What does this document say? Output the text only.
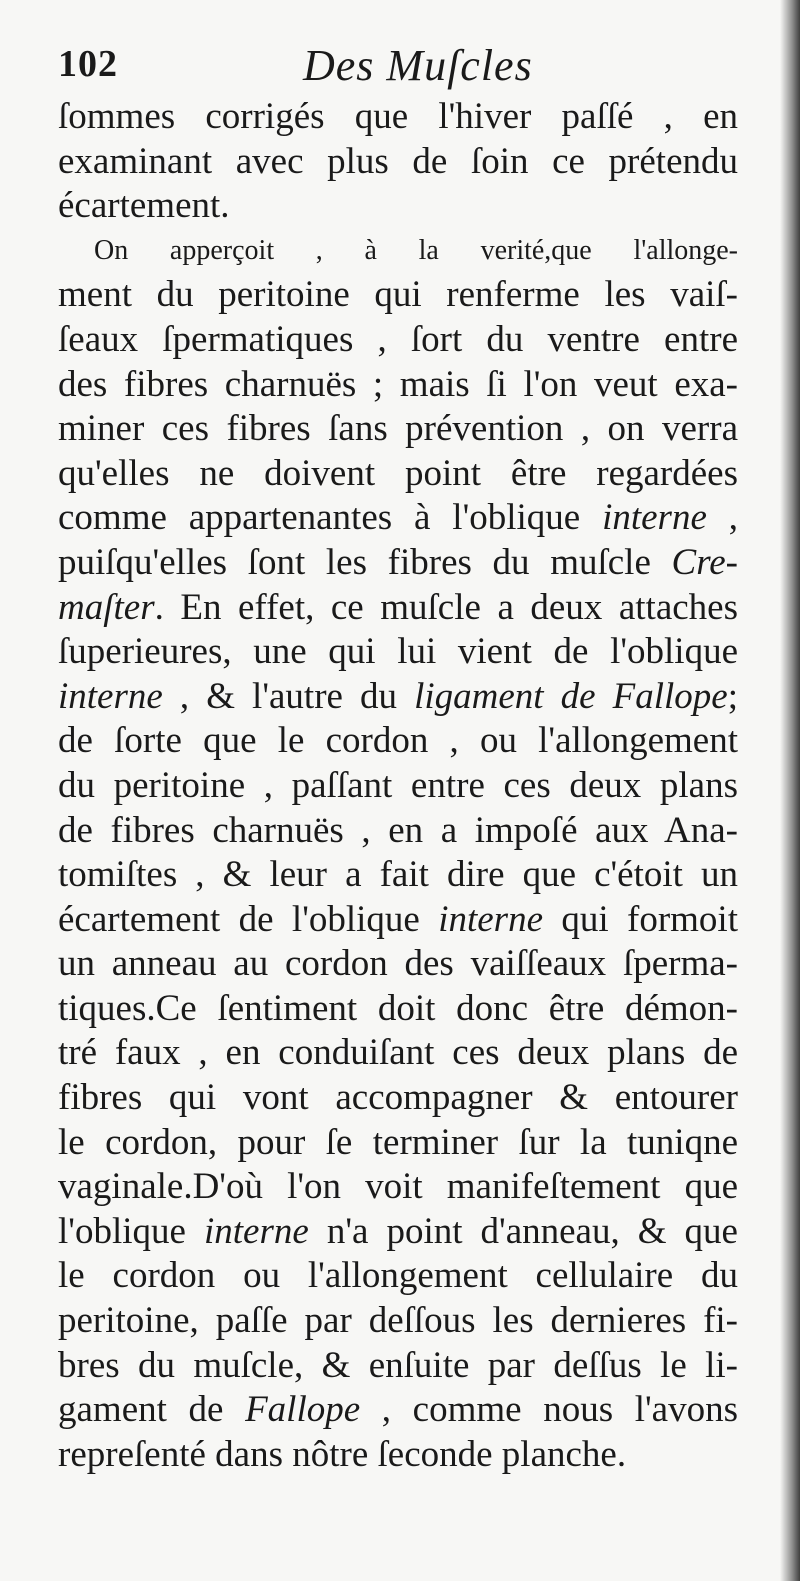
102	Des Muſcles
ſommes corrigés que l'hiver paſſé , en
examinant avec plus de ſoin ce prétendu
écartement.
On apperçoit , à la verité,que l'allonge-
ment du peritoine qui renferme les vaiſ-
ſeaux ſpermatiques , ſort du ventre entre
des fibres charnuës ; mais ſi l'on veut exa-
miner ces fibres ſans prévention , on verra
qu'elles ne doivent point être regardées
comme appartenantes à l'oblique interne ,
puiſqu'elles ſont les fibres du muſcle Cre-
maſter. En effet, ce muſcle a deux attaches
ſuperieures, une qui lui vient de l'oblique
interne , & l'autre du ligament de Fallope;
de ſorte que le cordon , ou l'allongement
du peritoine , paſſant entre ces deux plans
de fibres charnuës , en a impoſé aux Ana-
tomiſtes , & leur a fait dire que c'étoit un
écartement de l'oblique interne qui formoit
un anneau au cordon des vaiſſeaux ſperma-
tiques.Ce ſentiment doit donc être démon-
tré faux , en conduiſant ces deux plans de
fibres qui vont accompagner & entourer
le cordon, pour ſe terminer ſur la tuniqne
vaginale.D'où l'on voit manifeſtement que
l'oblique interne n'a point d'anneau, & que
le cordon ou l'allongement cellulaire du
peritoine, paſſe par deſſous les dernieres fi-
bres du muſcle, & enſuite par deſſus le li-
gament de Fallope , comme nous l'avons
repreſenté dans nôtre ſeconde planche.
